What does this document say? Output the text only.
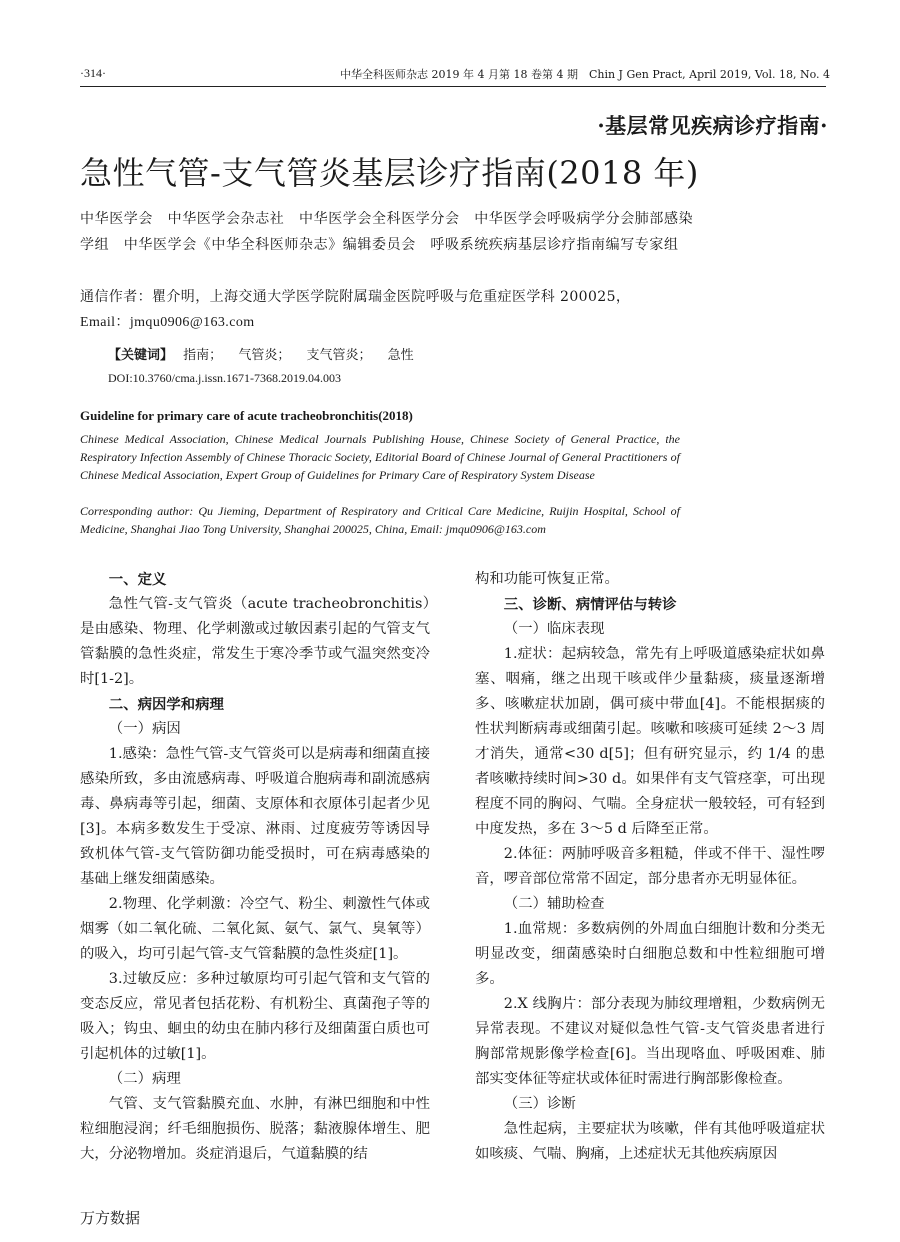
·314·	中华全科医师杂志 2019 年 4 月第 18 卷第 4 期　Chin J Gen Pract, April 2019, Vol. 18, No. 4
·基层常见疾病诊疗指南·
急性气管-支气管炎基层诊疗指南(2018 年)
中华医学会　中华医学会杂志社　中华医学会全科医学分会　中华医学会呼吸病学分会肺部感染学组　中华医学会《中华全科医师杂志》编辑委员会　呼吸系统疾病基层诊疗指南编写专家组
通信作者：瞿介明，上海交通大学医学院附属瑞金医院呼吸与危重症医学科 200025，
Email：jmqu0906@163.com
【关键词】 指南； 气管炎； 支气管炎； 急性
DOI:10.3760/cma.j.issn.1671-7368.2019.04.003
Guideline for primary care of acute tracheobronchitis(2018)
Chinese Medical Association, Chinese Medical Journals Publishing House, Chinese Society of General Practice, the Respiratory Infection Assembly of Chinese Thoracic Society, Editorial Board of Chinese Journal of General Practitioners of Chinese Medical Association, Expert Group of Guidelines for Primary Care of Respiratory System Disease
Corresponding author: Qu Jieming, Department of Respiratory and Critical Care Medicine, Ruijin Hospital, School of Medicine, Shanghai Jiao Tong University, Shanghai 200025, China, Email: jmqu0906@163.com
一、定义

急性气管-支气管炎（acute tracheobronchitis）是由感染、物理、化学刺激或过敏因素引起的气管支气管黏膜的急性炎症，常发生于寒冷季节或气温突然变冷时[1-2]。

二、病因学和病理
（一）病因

1.感染：急性气管-支气管炎可以是病毒和细菌直接感染所致，多由流感病毒、呼吸道合胞病毒和副流感病毒、鼻病毒等引起，细菌、支原体和衣原体引起者少见[3]。本病多数发生于受凉、淋雨、过度疲劳等诱因导致机体气管-支气管防御功能受损时，可在病毒感染的基础上继发细菌感染。

2.物理、化学刺激：冷空气、粉尘、刺激性气体或烟雾（如二氧化硫、二氧化氮、氨气、氯气、臭氧等）的吸入，均可引起气管-支气管黏膜的急性炎症[1]。

3.过敏反应：多种过敏原均可引起气管和支气管的变态反应，常见者包括花粉、有机粉尘、真菌孢子等的吸入；钩虫、蛔虫的幼虫在肺内移行及细菌蛋白质也可引起机体的过敏[1]。

（二）病理

气管、支气管黏膜充血、水肿，有淋巴细胞和中性粒细胞浸润；纤毛细胞损伤、脱落；黏液腺体增生、肥大，分泌物增加。炎症消退后，气道黏膜的结

构和功能可恢复正常。

三、诊断、病情评估与转诊
（一）临床表现

1.症状：起病较急，常先有上呼吸道感染症状如鼻塞、咽痛，继之出现干咳或伴少量黏痰，痰量逐渐增多、咳嗽症状加剧，偶可痰中带血[4]。不能根据痰的性状判断病毒或细菌引起。咳嗽和咳痰可延续 2～3 周才消失，通常<30 d[5]；但有研究显示，约 1/4 的患者咳嗽持续时间>30 d。如果伴有支气管痉挛，可出现程度不同的胸闷、气喘。全身症状一般较轻，可有轻到中度发热，多在 3～5 d 后降至正常。

2.体征：两肺呼吸音多粗糙，伴或不伴干、湿性啰音，啰音部位常常不固定，部分患者亦无明显体征。

（二）辅助检查

1.血常规：多数病例的外周血白细胞计数和分类无明显改变，细菌感染时白细胞总数和中性粒细胞可增多。

2.X 线胸片：部分表现为肺纹理增粗，少数病例无异常表现。不建议对疑似急性气管-支气管炎患者进行胸部常规影像学检查[6]。当出现咯血、呼吸困难、肺部实变体征等症状或体征时需进行胸部影像检查。

（三）诊断

急性起病，主要症状为咳嗽，伴有其他呼吸道症状如咳痰、气喘、胸痛，上述症状无其他疾病原因

万方数据
